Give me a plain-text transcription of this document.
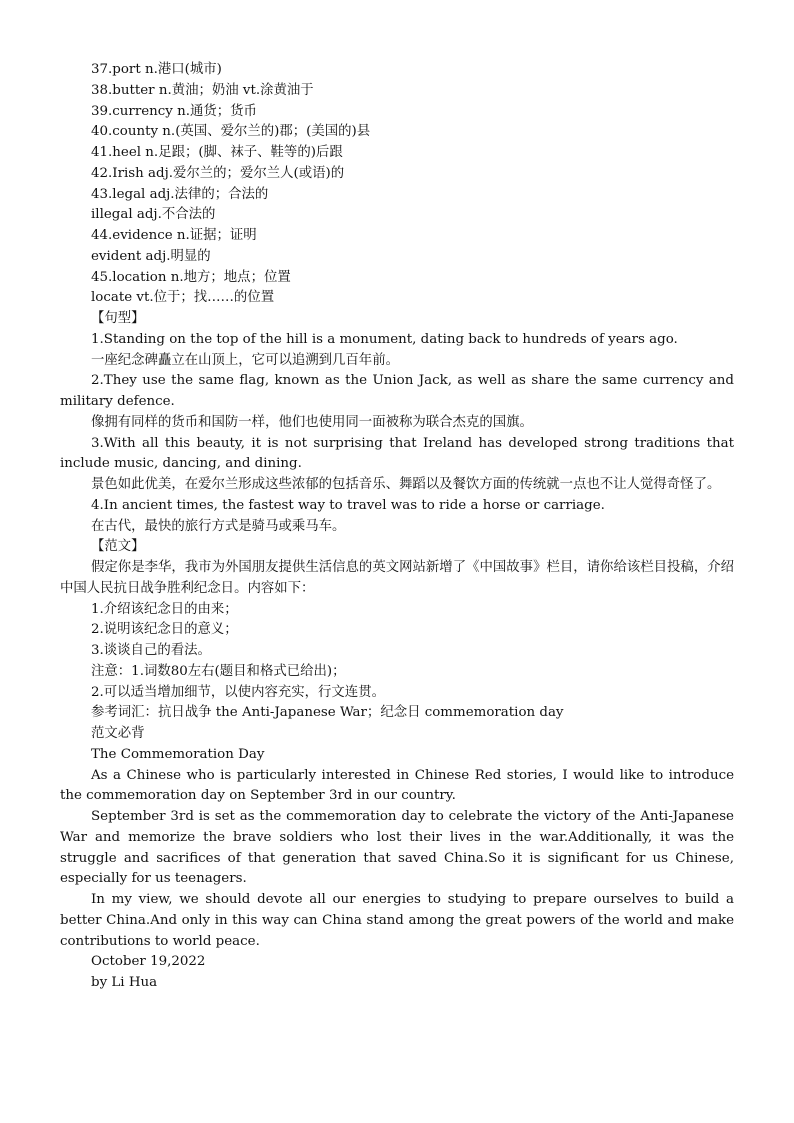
37.port n.港口(城市)

38.butter n.黄油；奶油 vt.涂黄油于

39.currency n.通货；货币

40.county n.(英国、爱尔兰的)郡；(美国的)县

41.heel n.足跟；(脚、袜子、鞋等的)后跟

42.Irish adj.爱尔兰的；爱尔兰人(或语)的

43.legal adj.法律的；合法的

illegal adj.不合法的

44.evidence n.证据；证明

evident adj.明显的

45.location n.地方；地点；位置

locate vt.位于；找……的位置

【句型】

1.Standing on the top of the hill is a monument, dating back to hundreds of years ago.

一座纪念碑矗立在山顶上，它可以追溯到几百年前。

2.They use the same flag, known as the Union Jack, as well as share the same currency and military defence.

像拥有同样的货币和国防一样，他们也使用同一面被称为联合杰克的国旗。

3.With all this beauty, it is not surprising that Ireland has developed strong traditions that include music, dancing, and dining.

景色如此优美，在爱尔兰形成这些浓郁的包括音乐、舞蹈以及餐饮方面的传统就一点也不让人觉得奇怪了。

4.In ancient times, the fastest way to travel was to ride a horse or carriage.

在古代，最快的旅行方式是骑马或乘马车。

【范文】

假定你是李华，我市为外国朋友提供生活信息的英文网站新增了《中国故事》栏目，请你给该栏目投稿，介绍中国人民抗日战争胜利纪念日。内容如下：

1.介绍该纪念日的由来；

2.说明该纪念日的意义；

3.谈谈自己的看法。

注意：1.词数80左右(题目和格式已给出)；

2.可以适当增加细节，以使内容充实，行文连贯。

参考词汇：抗日战争 the Anti-Japanese War；纪念日 commemoration day

范文必背

The Commemoration Day

As a Chinese who is particularly interested in Chinese Red stories, I would like to introduce the commemoration day on September 3rd in our country.

September 3rd is set as the commemoration day to celebrate the victory of the Anti-Japanese War and memorize the brave soldiers who lost their lives in the war.Additionally, it was the struggle and sacrifices of that generation that saved China.So it is significant for us Chinese, especially for us teenagers.

In my view, we should devote all our energies to studying to prepare ourselves to build a better China.And only in this way can China stand among the great powers of the world and make contributions to world peace.

October 19,2022

by Li Hua
